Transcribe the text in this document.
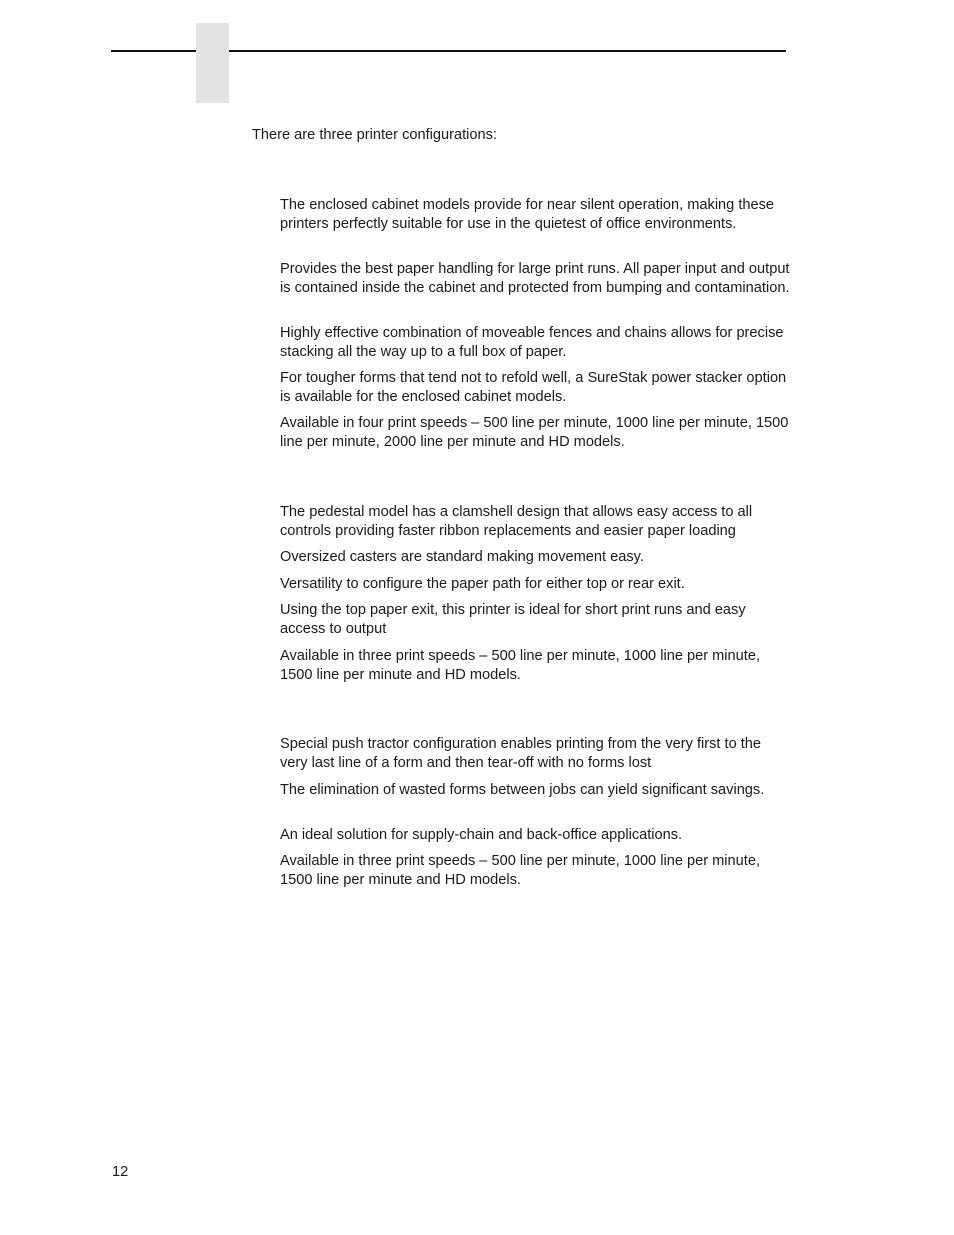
There are three printer configurations:

The enclosed cabinet models provide for near silent operation, making these printers perfectly suitable for use in the quietest of office environments.

Provides the best paper handling for large print runs. All paper input and output is contained inside the cabinet and protected from bumping and contamination.

Highly effective combination of moveable fences and chains allows for precise stacking all the way up to a full box of paper.

For tougher forms that tend not to refold well, a SureStak power stacker option is available for the enclosed cabinet models.

Available in four print speeds – 500 line per minute, 1000 line per minute, 1500 line per minute, 2000 line per minute and HD models.

The pedestal model has a clamshell design that allows easy access to all controls providing faster ribbon replacements and easier paper loading

Oversized casters are standard making movement easy.

Versatility to configure the paper path for either top or rear exit.

Using the top paper exit, this printer is ideal for short print runs and easy access to output

Available in three print speeds – 500 line per minute, 1000 line per minute, 1500 line per minute and HD models.

Special push tractor configuration enables printing from the very first to the very last line of a form and then tear-off with no forms lost

The elimination of wasted forms between jobs can yield significant savings.

An ideal solution for supply-chain and back-office applications.

Available in three print speeds – 500 line per minute, 1000 line per minute, 1500 line per minute and HD models.

12
